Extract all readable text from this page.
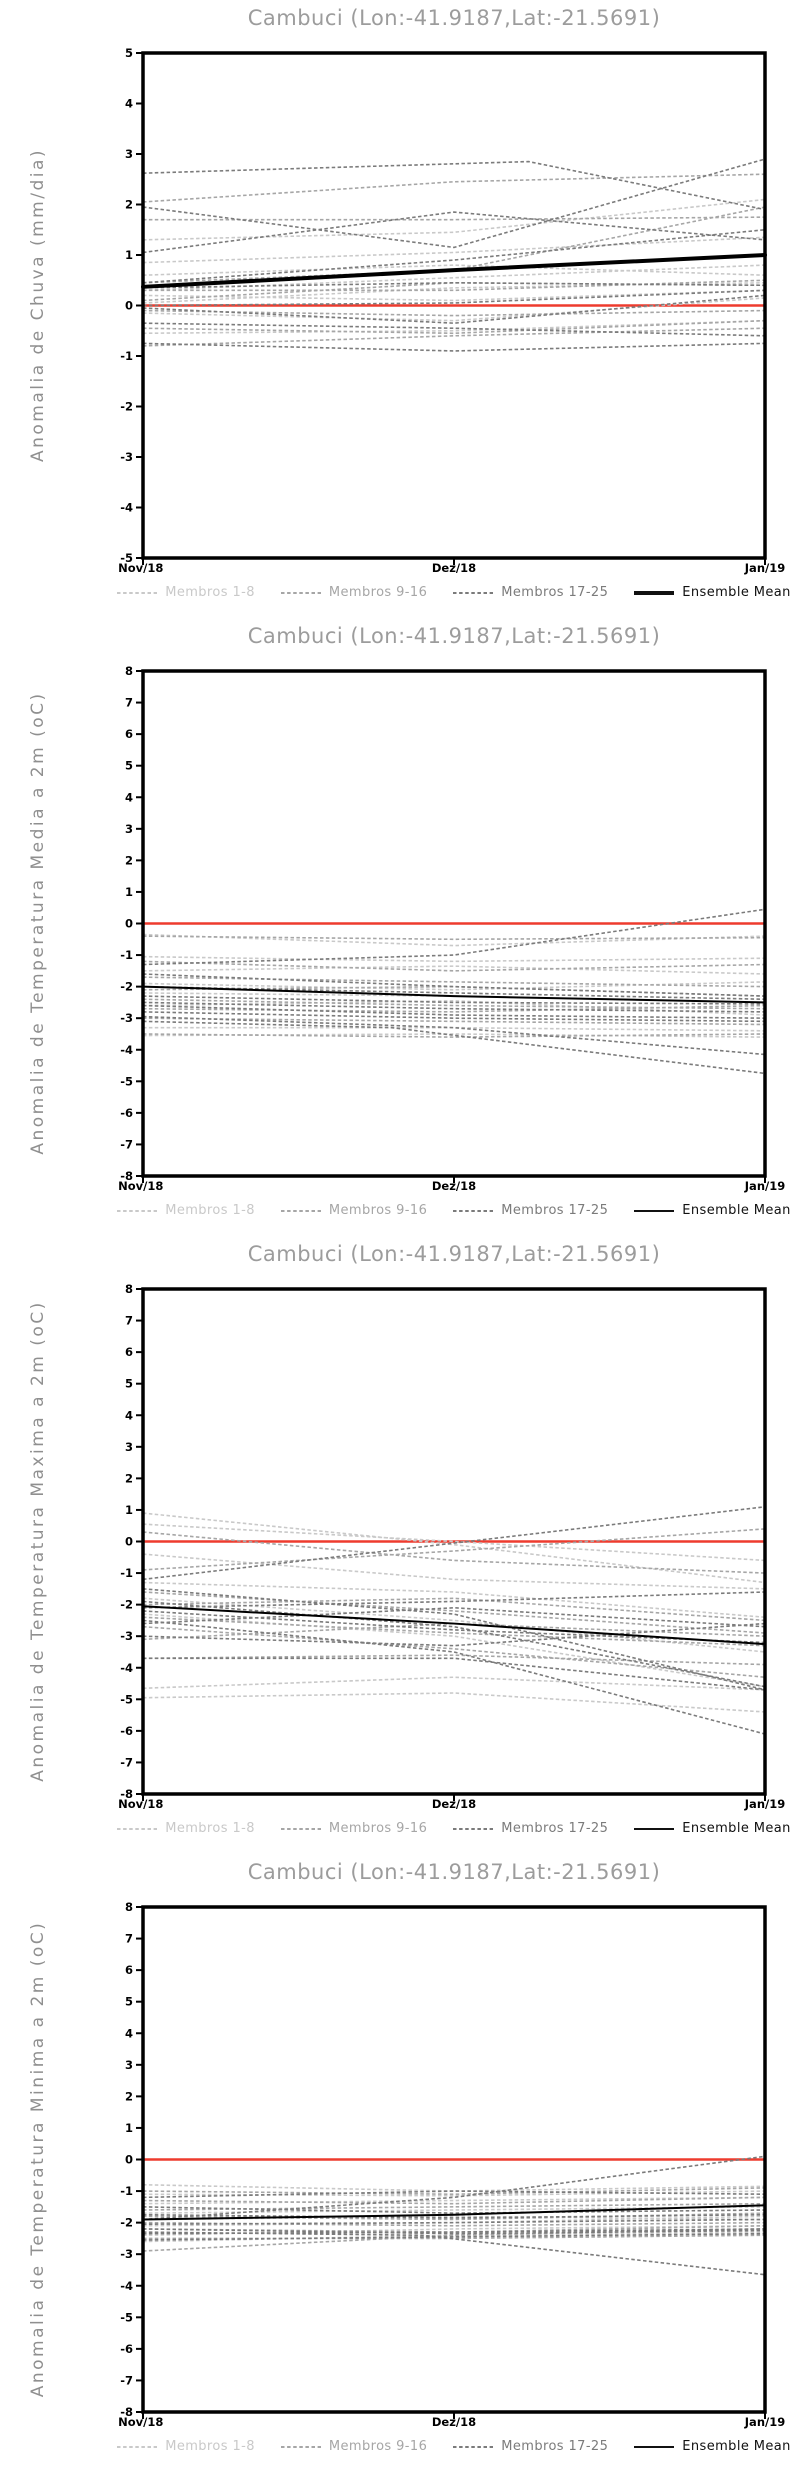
Cambuci (Lon:-41.9187,Lat:-21.5691)
Anomalia de Chuva (mm/dia)
-5
-4
-3
-2
-1
0
1
2
3
4
5
Nov/18	Dez/18	Jan/19
Membros 1-8	Membros 9-16	Membros 17-25	Ensemble Mean
Cambuci (Lon:-41.9187,Lat:-21.5691)
Anomalia de Temperatura Media a 2m (oC)
-8
-7
-6
-5
-4
-3
-2
-1
0
1
2
3
4
5
6
7
8
Nov/18	Dez/18	Jan/19
Membros 1-8	Membros 9-16	Membros 17-25	Ensemble Mean
Cambuci (Lon:-41.9187,Lat:-21.5691)
Anomalia de Temperatura Maxima a 2m (oC)
-8
-7
-6
-5
-4
-3
-2
-1
0
1
2
3
4
5
6
7
8
Nov/18	Dez/18	Jan/19
Membros 1-8	Membros 9-16	Membros 17-25	Ensemble Mean
Cambuci (Lon:-41.9187,Lat:-21.5691)
Anomalia de Temperatura Minima a 2m (oC)
-8
-7
-6
-5
-4
-3
-2
-1
0
1
2
3
4
5
6
7
8
Nov/18	Dez/18	Jan/19
Membros 1-8	Membros 9-16	Membros 17-25	Ensemble Mean
